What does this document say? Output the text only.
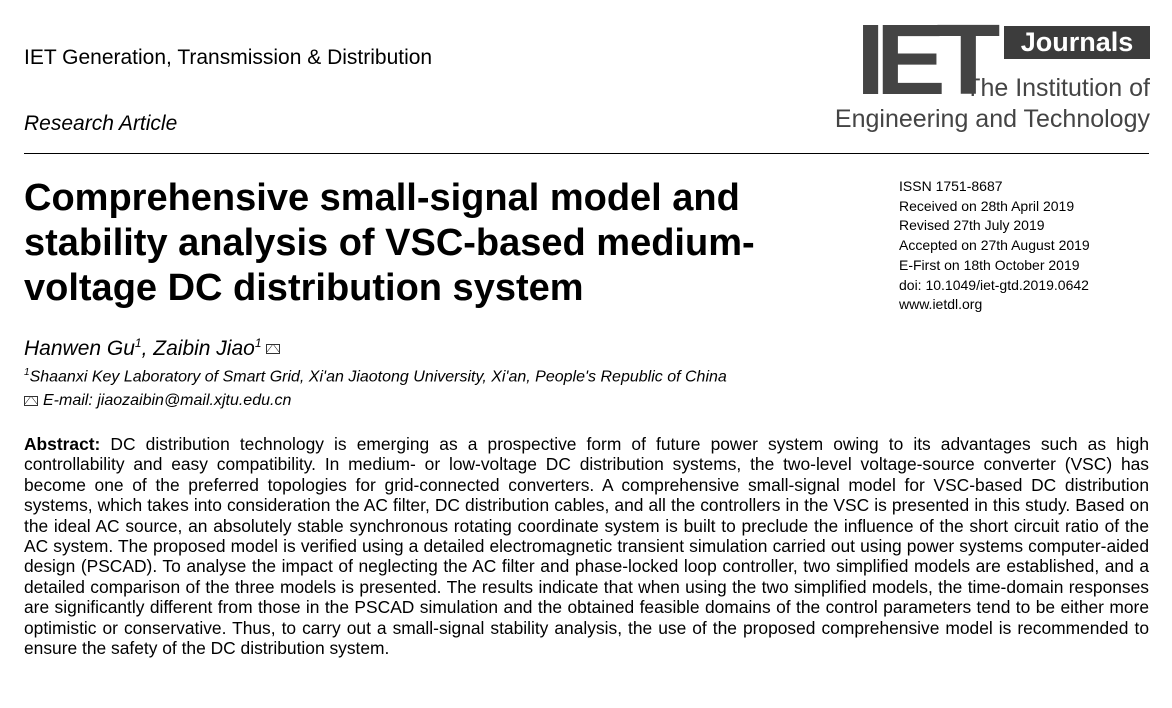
IET Generation, Transmission & Distribution
Research Article
IET	Journals
The Institution of
Engineering and Technology
Comprehensive small-signal model and stability analysis of VSC-based medium-voltage DC distribution system
ISSN 1751-8687
Received on 28th April 2019
Revised 27th July 2019
Accepted on 27th August 2019
E-First on 18th October 2019
doi: 10.1049/iet-gtd.2019.0642
www.ietdl.org
Hanwen Gu$^1$, Zaibin Jiao$^1$
$^1$Shaanxi Key Laboratory of Smart Grid, Xi'an Jiaotong University, Xi'an, People's Republic of China
E-mail: jiaozaibin@mail.xjtu.edu.cn
Abstract: DC distribution technology is emerging as a prospective form of future power system owing to its advantages such as high controllability and easy compatibility. In medium- or low-voltage DC distribution systems, the two-level voltage-source converter (VSC) has become one of the preferred topologies for grid-connected converters. A comprehensive small-signal model for VSC-based DC distribution systems, which takes into consideration the AC filter, DC distribution cables, and all the controllers in the VSC is presented in this study. Based on the ideal AC source, an absolutely stable synchronous rotating coordinate system is built to preclude the influence of the short circuit ratio of the AC system. The proposed model is verified using a detailed electromagnetic transient simulation carried out using power systems computer-aided design (PSCAD). To analyse the impact of neglecting the AC filter and phase-locked loop controller, two simplified models are established, and a detailed comparison of the three models is presented. The results indicate that when using the two simplified models, the time-domain responses are significantly different from those in the PSCAD simulation and the obtained feasible domains of the control parameters tend to be either more optimistic or conservative. Thus, to carry out a small-signal stability analysis, the use of the proposed comprehensive model is recommended to ensure the safety of the DC distribution system.
